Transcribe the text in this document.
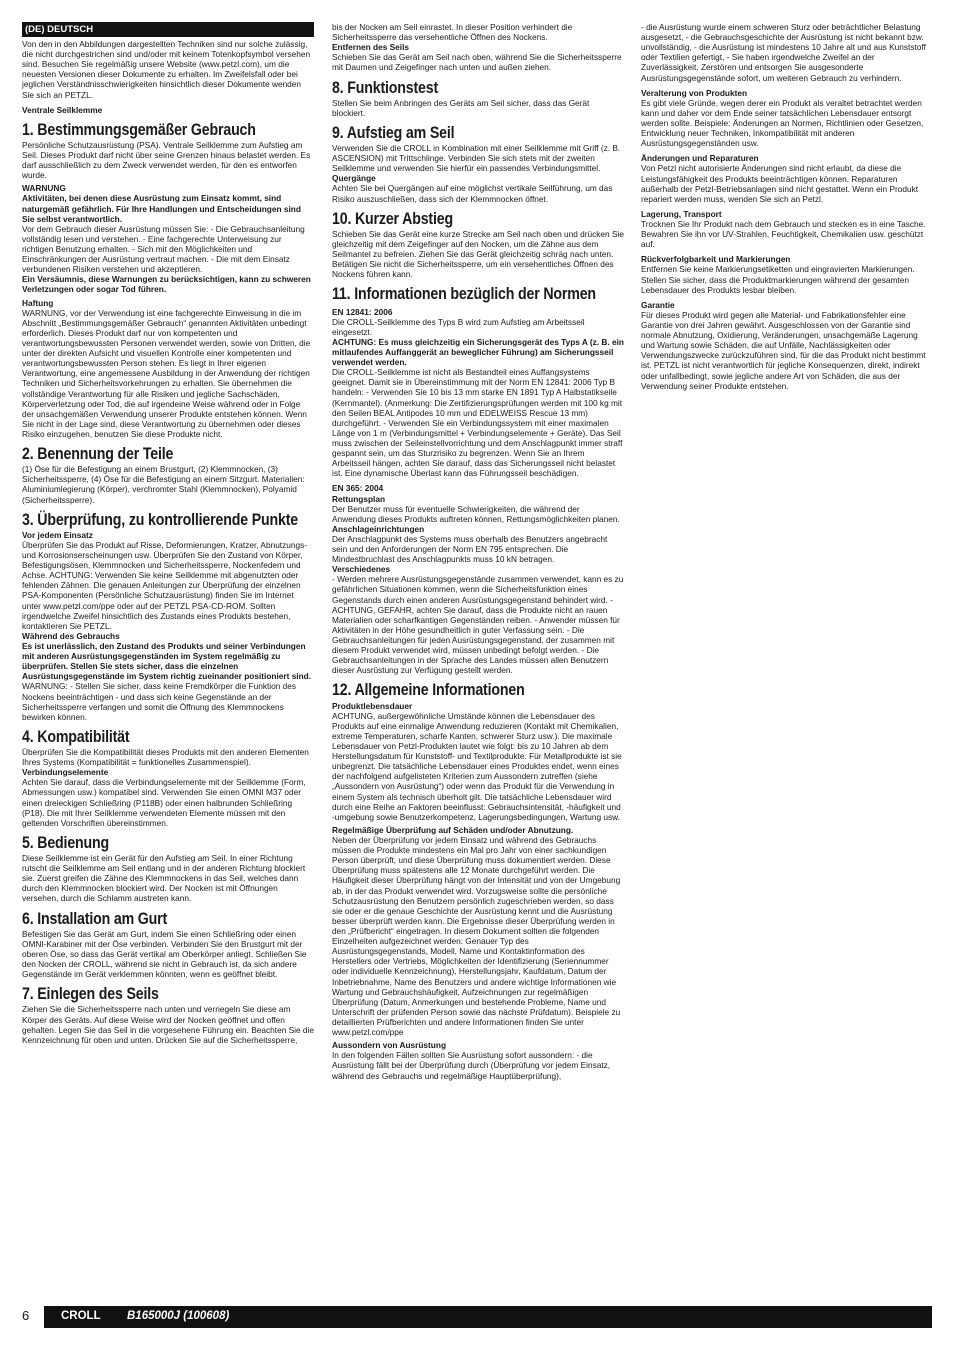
(DE) DEUTSCH

Von den in den Abbildungen dargestellten Techniken sind nur solche zulässig, die nicht durchgestrichen sind und/oder mit keinem Totenkopfsymbol versehen sind. Besuchen Sie regelmäßig unsere Website (www.petzl.com), um die neuesten Versionen dieser Dokumente zu erhalten. Im Zweifelsfall oder bei jeglichen Verständnisschwierigkeiten hinsichtlich dieser Dokumente wenden Sie sich an PETZL.

Ventrale Seilklemme

1. Bestimmungsgemäßer Gebrauch

Persönliche Schutzausrüstung (PSA). Ventrale Seilklemme zum Aufstieg am Seil. Dieses Produkt darf nicht über seine Grenzen hinaus belastet werden. Es darf ausschließlich zu dem Zweck verwendet werden, für den es entworfen wurde.

WARNUNG

Aktivitäten, bei denen diese Ausrüstung zum Einsatz kommt, sind naturgemäß gefährlich. Für Ihre Handlungen und Entscheidungen sind Sie selbst verantwortlich.

Vor dem Gebrauch dieser Ausrüstung müssen Sie: - Die Gebrauchsanleitung vollständig lesen und verstehen. - Eine fachgerechte Unterweisung zur richtigen Benutzung erhalten. - Sich mit den Möglichkeiten und Einschränkungen der Ausrüstung vertraut machen. - Die mit dem Einsatz verbundenen Risiken verstehen und akzeptieren.

Ein Versäumnis, diese Warnungen zu berücksichtigen, kann zu schweren Verletzungen oder sogar Tod führen.

Haftung

WARNUNG, vor der Verwendung ist eine fachgerechte Einweisung in die im Abschnitt „Bestimmungsgemäßer Gebrauch“ genannten Aktivitäten unbedingt erforderlich. Dieses Produkt darf nur von kompetenten und verantwortungsbewussten Personen verwendet werden, sowie von Dritten, die unter der direkten Aufsicht und visuellen Kontrolle einer kompetenten und verantwortungsbewussten Person stehen. Es liegt in Ihrer eigenen Verantwortung, eine angemessene Ausbildung in der Anwendung der richtigen Techniken und Sicherheitsvorkehrungen zu erhalten. Sie übernehmen die vollständige Verantwortung für alle Risiken und jegliche Sachschäden, Körperverletzung oder Tod, die auf irgendeine Weise während oder in Folge der unsachgemäßen Verwendung unserer Produkte entstehen können. Wenn Sie nicht in der Lage sind, diese Verantwortung zu übernehmen oder dieses Risiko einzugehen, benutzen Sie diese Produkte nicht.

2. Benennung der Teile

(1) Öse für die Befestigung an einem Brustgurt, (2) Klemmnocken, (3) Sicherheitssperre, (4) Öse für die Befestigung an einem Sitzgurt. Materialien: Aluminiumlegierung (Körper), verchromter Stahl (Klemmnocken), Polyamid (Sicherheitssperre).

3. Überprüfung, zu kontrollierende Punkte

Vor jedem Einsatz

Überprüfen Sie das Produkt auf Risse, Deformierungen, Kratzer, Abnutzungs- und Korrosionserscheinungen usw. Überprüfen Sie den Zustand von Körper, Befestigungsösen, Klemmnocken und Sicherheitssperre, Nockenfedern und Achse. ACHTUNG: Verwenden Sie keine Seilklemme mit abgenutzten oder fehlenden Zähnen. Die genauen Anleitungen zur Überprüfung der einzelnen PSA-Komponenten (Persönliche Schutzausrüstung) finden Sie im Internet unter www.petzl.com/ppe oder auf der PETZL PSA-CD-ROM. Sollten irgendwelche Zweifel hinsichtlich des Zustands eines Produkts bestehen, kontaktieren Sie PETZL.

Während des Gebrauchs

Es ist unerlässlich, den Zustand des Produkts und seiner Verbindungen mit anderen Ausrüstungsgegenständen im System regelmäßig zu überprüfen. Stellen Sie stets sicher, dass die einzelnen Ausrüstungsgegenstände im System richtig zueinander positioniert sind.

WARNUNG: - Stellen Sie sicher, dass keine Fremdkörper die Funktion des Nockens beeinträchtigen - und dass sich keine Gegenstände an der Sicherheitssperre verfangen und somit die Öffnung des Klemmnockens bewirken können.

4. Kompatibilität

Überprüfen Sie die Kompatibilität dieses Produkts mit den anderen Elementen Ihres Systems (Kompatibilität = funktionelles Zusammenspiel).

Verbindungselemente

Achten Sie darauf, dass die Verbindungselemente mit der Seilklemme (Form, Abmessungen usw.) kompatibel sind. Verwenden Sie einen OMNI M37 oder einen dreieckigen Schließring (P118B) oder einen halbrunden Schließring (P18). Die mit Ihrer Seilklemme verwendeten Elemente müssen mit den geltenden Vorschriften übereinstimmen.

5. Bedienung

Diese Seilklemme ist ein Gerät für den Aufstieg am Seil. In einer Richtung rutscht die Seilklemme am Seil entlang und in der anderen Richtung blockiert sie. Zuerst greifen die Zähne des Klemmnockens in das Seil, welches dann durch den Klemmnocken blockiert wird. Der Nocken ist mit Öffnungen versehen, durch die Schlamm austreten kann.

6. Installation am Gurt

Befestigen Sie das Gerät am Gurt, indem Sie einen Schließring oder einen OMNI-Karabiner mit der Öse verbinden. Verbinden Sie den Brustgurt mit der oberen Öse, so dass das Gerät vertikal am Oberkörper anliegt. Schließen Sie den Nocken der CROLL, während sie nicht in Gebrauch ist, da sich andere Gegenstände im Gerät verklemmen könnten, wenn es geöffnet bleibt.

7. Einlegen des Seils

Ziehen Sie die Sicherheitssperre nach unten und verriegeln Sie diese am Körper des Geräts. Auf diese Weise wird der Nocken geöffnet und offen gehalten. Legen Sie das Seil in die vorgesehene Führung ein. Beachten Sie die Kennzeichnung für oben und unten. Drücken Sie auf die Sicherheitssperre,

bis der Nocken am Seil einrastet. In dieser Position verhindert die Sicherheitssperre das versehentliche Öffnen des Nockens.

Entfernen des Seils

Schieben Sie das Gerät am Seil nach oben, während Sie die Sicherheitssperre mit Daumen und Zeigefinger nach unten und außen ziehen.

8. Funktionstest

Stellen Sie beim Anbringen des Geräts am Seil sicher, dass das Gerät blockiert.

9. Aufstieg am Seil

Verwenden Sie die CROLL in Kombination mit einer Seilklemme mit Griff (z. B. ASCENSION) mit Trittschlinge. Verbinden Sie sich stets mit der zweiten Seilklemme und verwenden Sie hierfür ein passendes Verbindungsmittel.

Quergänge

Achten Sie bei Quergängen auf eine möglichst vertikale Seilführung, um das Risiko auszuschließen, dass sich der Klemmnocken öffnet.

10. Kurzer Abstieg

Schieben Sie das Gerät eine kurze Strecke am Seil nach oben und drücken Sie gleichzeitig mit dem Zeigefinger auf den Nocken, um die Zähne aus dem Seilmantel zu befreien. Ziehen Sie das Gerät gleichzeitig schräg nach unten. Betätigen Sie nicht die Sicherheitssperre, um ein versehentliches Öffnen des Nockens führen kann.

11. Informationen bezüglich der Normen

EN 12841: 2006

Die CROLL-Seilklemme des Typs B wird zum Aufstieg am Arbeitsseil eingesetzt.

ACHTUNG: Es muss gleichzeitig ein Sicherungsgerät des Typs A (z. B. ein mitlaufendes Auffanggerät an beweglicher Führung) am Sicherungsseil verwendet werden.

Die CROLL-Seilklemme ist nicht als Bestandteil eines Auffangsystems geeignet. Damit sie in Übereinstimmung mit der Norm EN 12841: 2006 Typ B handeln: - Verwenden Sie 10 bis 13 mm starke EN 1891 Typ A Halbstatikseile (Kernmantel). (Anmerkung: Die Zertifizierungsprüfungen werden mit 100 kg mit den Seilen BEAL Antipodes 10 mm und EDELWEISS Rescue 13 mm) durchgeführt. - Verwenden Sie ein Verbindungssystem mit einer maximalen Länge von 1 m (Verbindungsmittel + Verbindungselemente + Geräte). Das Seil muss zwischen der Seileinstellvorrichtung und dem Anschlagpunkt immer straff gespannt sein, um das Sturzrisiko zu begrenzen. Wenn Sie an Ihrem Arbeitsseil hängen, achten Sie darauf, dass das Sicherungsseil nicht belastet ist. Eine dynamische Überlast kann das Führungsseil beschädigen.

EN 365: 2004

Rettungsplan

Der Benutzer muss für eventuelle Schwierigkeiten, die während der Anwendung dieses Produkts auftreten können, Rettungsmöglichkeiten planen.

Anschlageinrichtungen

Der Anschlagpunkt des Systems muss oberhalb des Benutzers angebracht sein und den Anforderungen der Norm EN 795 entsprechen. Die Mindestbruchlast des Anschlagpunkts muss 10 kN betragen.

Verschiedenes

- Werden mehrere Ausrüstungsgegenstände zusammen verwendet, kann es zu gefährlichen Situationen kommen, wenn die Sicherheitsfunktion eines Gegenstands durch einen anderen Ausrüstungsgegenstand behindert wird. - ACHTUNG, GEFAHR, achten Sie darauf, dass die Produkte nicht an rauen Materialien oder scharfkantigen Gegenständen reiben. - Anwender müssen für Aktivitäten in der Höhe gesundheitlich in guter Verfassung sein. - Die Gebrauchsanleitungen für jeden Ausrüstungsgegenstand, der zusammen mit diesem Produkt verwendet wird, müssen unbedingt befolgt werden. - Die Gebrauchsanleitungen in der Sprache des Landes müssen allen Benutzern dieser Ausrüstung zur Verfügung gestellt werden.

12. Allgemeine Informationen

Produktlebensdauer

ACHTUNG, außergewöhnliche Umstände können die Lebensdauer des Produkts auf eine einmalige Anwendung reduzieren (Kontakt mit Chemikalien, extreme Temperaturen, scharfe Kanten, schwerer Sturz usw.). Die maximale Lebensdauer von Petzl-Produkten lautet wie folgt: bis zu 10 Jahren ab dem Herstellungsdatum für Kunststoff- und Textilprodukte. Für Metallprodukte ist sie unbegrenzt. Die tatsächliche Lebensdauer eines Produktes endet, wenn eines der nachfolgend aufgelisteten Kriterien zum Aussondern zutreffen (siehe „Aussondern von Ausrüstung“) oder wenn das Produkt für die Verwendung in einem System als technisch überholt gilt. Die tatsächliche Lebensdauer wird durch eine Reihe an Faktoren beeinflusst: Gebrauchsintensität, -häufigkeit und -umgebung sowie Benutzerkompetenz, Lagerungsbedingungen, Wartung usw.

Regelmäßige Überprüfung auf Schäden und/oder Abnutzung.

Neben der Überprüfung vor jedem Einsatz und während des Gebrauchs müssen die Produkte mindestens ein Mal pro Jahr von einer sachkundigen Person überprüft, und diese Überprüfung muss dokumentiert werden. Diese Überprüfung muss spätestens alle 12 Monate durchgeführt werden. Die Häufigkeit dieser Überprüfung hängt von der Intensität und von der Umgebung ab, in der das Produkt verwendet wird. Vorzugsweise sollte die persönliche Schutzausrüstung den Benutzern persönlich zugeschrieben werden, so dass sie oder er die genaue Geschichte der Ausrüstung kennt und die Ausrüstung besser überprüft werden kann. Die Ergebnisse dieser Überprüfung werden in den „Prüfbericht“ eingetragen. In diesem Dokument sollten die folgenden Einzelheiten aufgezeichnet werden: Genauer Typ des Ausrüstungsgegenstands, Modell, Name und Kontaktinformation des Herstellers oder Vertriebs, Möglichkeiten der Identifizierung (Seriennummer oder individuelle Kennzeichnung), Herstellungsjahr, Kaufdatum, Datum der Inbetriebnahme, Name des Benutzers und andere wichtige Informationen wie Wartung und Gebrauchshäufigkeit, Aufzeichnungen zur regelmäßigen Überprüfung (Datum, Anmerkungen und bestehende Probleme, Name und Unterschrift der prüfenden Person sowie das nächste Prüfdatum). Beispiele zu detaillierten Prüfberichten und andere Informationen finden Sie unter www.petzl.com/ppe

Aussondern von Ausrüstung

In den folgenden Fällen sollten Sie Ausrüstung sofort aussondern: - die Ausrüstung fällt bei der Überprüfung durch (Überprüfung vor jedem Einsatz, während des Gebrauchs und regelmäßige Hauptüberprüfung),

- die Ausrüstung wurde einem schweren Sturz oder beträchtlicher Belastung ausgesetzt, - die Gebrauchsgeschichte der Ausrüstung ist nicht bekannt bzw. unvollständig, - die Ausrüstung ist mindestens 10 Jahre alt und aus Kunststoff oder Textilien gefertigt, - Sie haben irgendwelche Zweifel an der Zuverlässigkeit. Zerstören und entsorgen Sie ausgesonderte Ausrüstungsgegenstände sofort, um weiteren Gebrauch zu verhindern.

Veralterung von Produkten

Es gibt viele Gründe, wegen derer ein Produkt als veraltet betrachtet werden kann und daher vor dem Ende seiner tatsächlichen Lebensdauer entsorgt werden sollte. Beispiele: Änderungen an Normen, Richtlinien oder Gesetzen, Entwicklung neuer Techniken, Inkompatibilität mit anderen Ausrüstungsgegenständen usw.

Änderungen und Reparaturen

Von Petzl nicht autorisierte Änderungen sind nicht erlaubt, da diese die Leistungsfähigkeit des Produkts beeinträchtigen können. Reparaturen außerhalb der Petzl-Betriebsanlagen sind nicht gestattet. Wenn ein Produkt repariert werden muss, wenden Sie sich an Petzl.

Lagerung, Transport

Trocknen Sie Ihr Produkt nach dem Gebrauch und stecken es in eine Tasche. Bewahren Sie ihn vor UV-Strahlen, Feuchtigkeit, Chemikalien usw. geschützt auf.

Rückverfolgbarkeit und Markierungen

Entfernen Sie keine Markierungsetiketten und eingravierten Markierungen. Stellen Sie sicher, dass die Produktmarkierungen während der gesamten Lebensdauer des Produkts lesbar bleiben.

Garantie

Für dieses Produkt wird gegen alle Material- und Fabrikationsfehler eine Garantie von drei Jahren gewährt. Ausgeschlossen von der Garantie sind normale Abnutzung, Oxidierung, Veränderungen, unsachgemäße Lagerung und Wartung sowie Schäden, die auf Unfälle, Nachlässigkeiten oder Verwendungszwecke zurückzuführen sind, für die das Produkt nicht bestimmt ist. PETZL ist nicht verantwortlich für jegliche Konsequenzen, direkt, indirekt oder unfallbedingt, sowie jegliche andere Art von Schäden, die aus der Verwendung seiner Produkte entstehen.

6	CROLL B165000J (100608)
